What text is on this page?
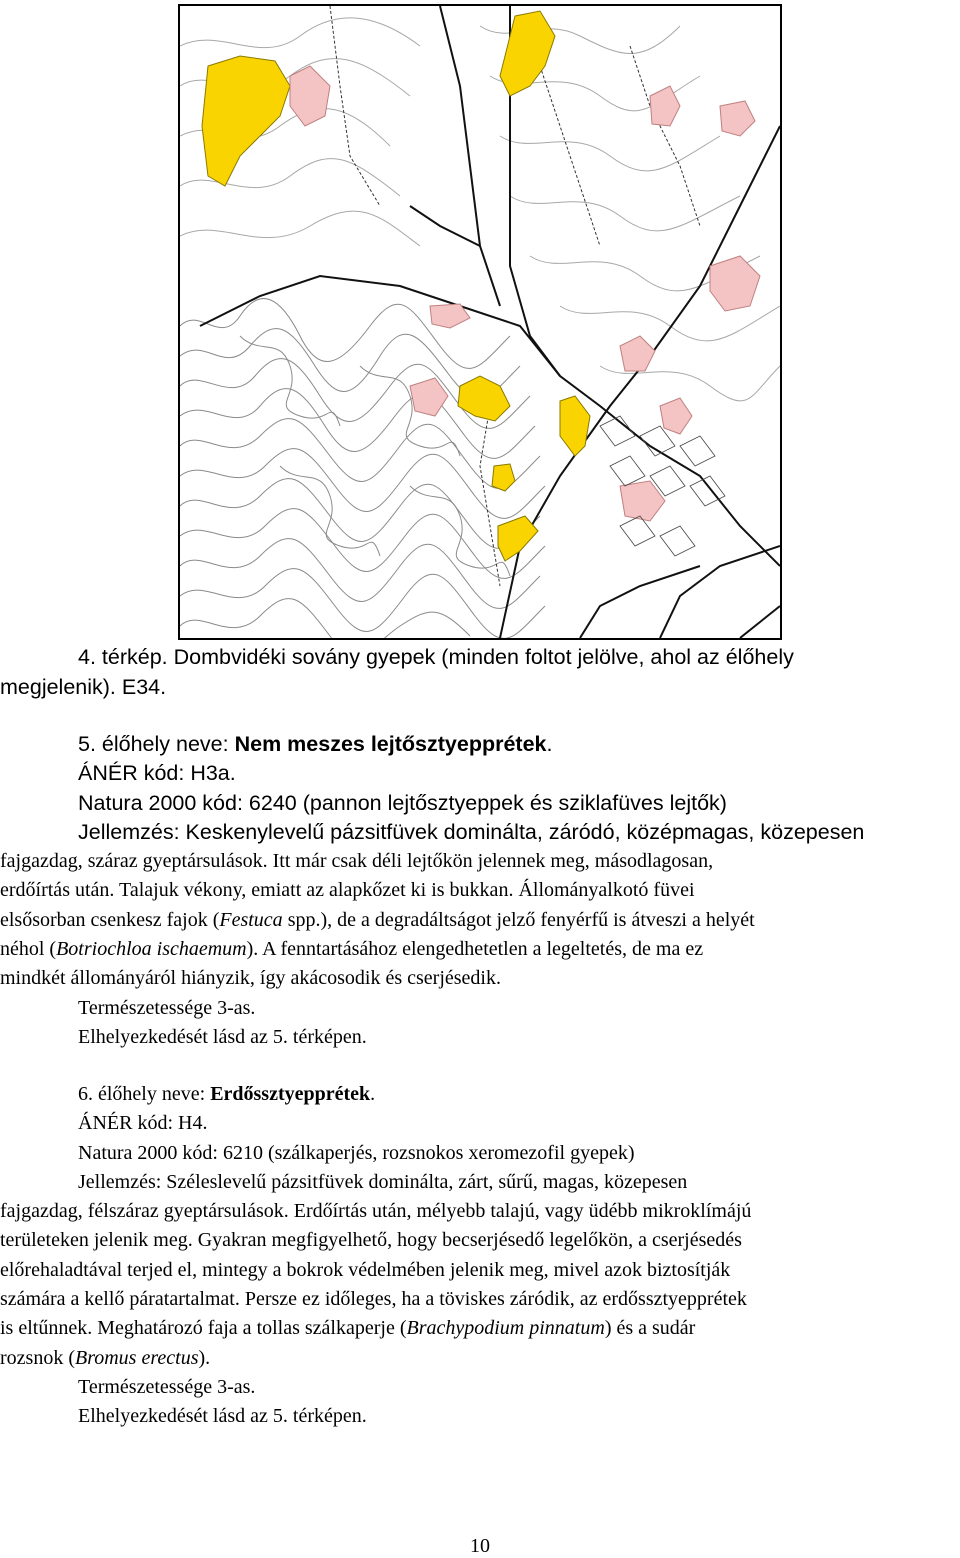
4. térkép. Dombvidéki sovány gyepek (minden foltot jelölve, ahol az élőhely
megjelenik). E34.
5. élőhely neve: Nem meszes lejtősztyepprétek.
ÁNÉR kód: H3a.
Natura 2000 kód: 6240 (pannon lejtősztyeppek és sziklafüves lejtők)
Jellemzés: Keskenylevelű pázsitfüvek dominálta, záródó, középmagas, közepesen
fajgazdag, száraz gyeptársulások. Itt már csak déli lejtőkön jelennek meg, másodlagosan,
erdőírtás után. Talajuk vékony, emiatt az alapkőzet ki is bukkan. Állományalkotó füvei
elsősorban csenkesz fajok (Festuca spp.), de a degradáltságot jelző fenyérfű is átveszi a helyét
néhol (Botriochloa ischaemum). A fenntartásához elengedhetetlen a legeltetés, de ma ez
mindkét állományáról hiányzik, így akácosodik és cserjésedik.
Természetessége 3-as.
Elhelyezkedését lásd az 5. térképen.
6. élőhely neve: Erdőssztyepprétek.
ÁNÉR kód: H4.
Natura 2000 kód: 6210 (szálkaperjés, rozsnokos xeromezofil gyepek)
Jellemzés: Széleslevelű pázsitfüvek dominálta, zárt, sűrű, magas, közepesen
fajgazdag, félszáraz gyeptársulások. Erdőírtás után, mélyebb talajú, vagy üdébb mikroklímájú
területeken jelenik meg. Gyakran megfigyelhető, hogy becserjésedő legelőkön, a cserjésedés
előrehaladtával terjed el, mintegy a bokrok védelmében jelenik meg, mivel azok biztosítják
számára a kellő páratartalmat. Persze ez időleges, ha a töviskes záródik, az erdőssztyepprétek
is eltűnnek. Meghatározó faja a tollas szálkaperje (Brachypodium pinnatum) és a sudár
rozsnok (Bromus erectus).
Természetessége 3-as.
Elhelyezkedését lásd az 5. térképen.
10
